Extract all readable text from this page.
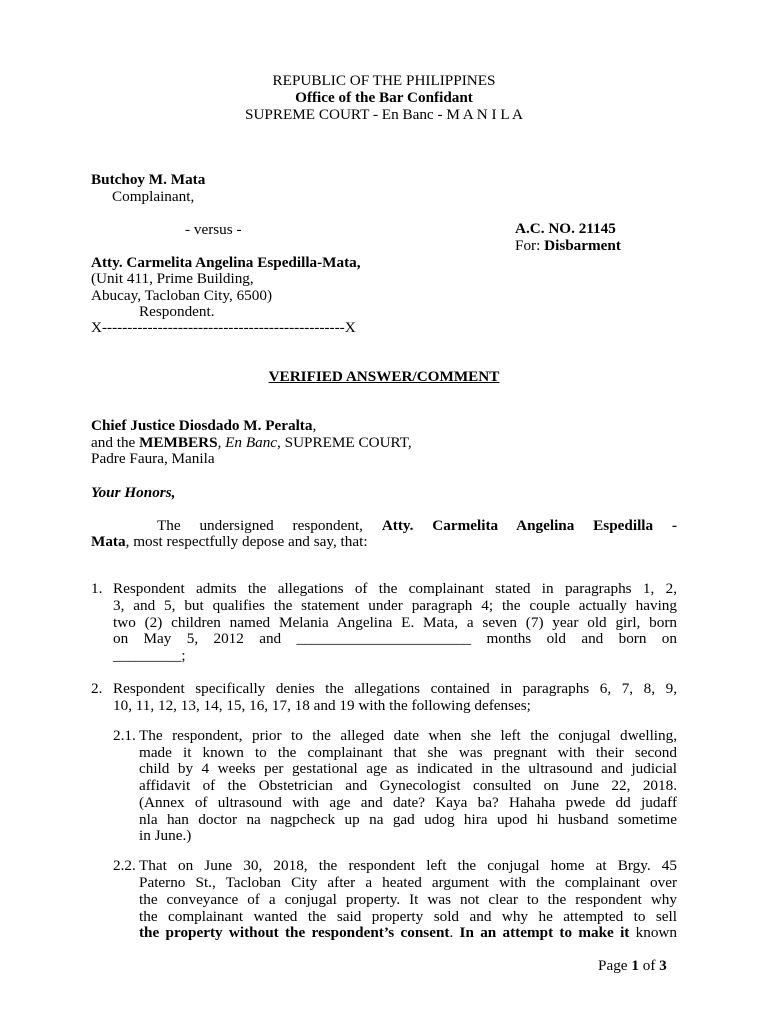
REPUBLIC OF THE PHILIPPINES
Office of the Bar Confidant
SUPREME COURT - En Banc - M A N I L A
Butchoy M. Mata
Complainant,
- versus -	A.C. NO. 21145
For: Disbarment
Atty. Carmelita Angelina Espedilla-Mata,
(Unit 411, Prime Building,
Abucay, Tacloban City, 6500)
Respondent.
X------------------------------------------------X
VERIFIED ANSWER/COMMENT
Chief Justice Diosdado M. Peralta,
and the MEMBERS, En Banc, SUPREME COURT,
Padre Faura, Manila
Your Honors,
The undersigned respondent, Atty. Carmelita Angelina Espedilla -
Mata, most respectfully depose and say, that:
1. Respondent admits the allegations of the complainant stated in paragraphs 1, 2,
3, and 5, but qualifies the statement under paragraph 4; the couple actually having
two (2) children named Melania Angelina E. Mata, a seven (7) year old girl, born
on May 5, 2012 and _______________________ months old and born on
_________;
2. Respondent specifically denies the allegations contained in paragraphs 6, 7, 8, 9,
10, 11, 12, 13, 14, 15, 16, 17, 18 and 19 with the following defenses;
2.1. The respondent, prior to the alleged date when she left the conjugal dwelling,
made it known to the complainant that she was pregnant with their second
child by 4 weeks per gestational age as indicated in the ultrasound and judicial
affidavit of the Obstetrician and Gynecologist consulted on June 22, 2018.
(Annex of ultrasound with age and date? Kaya ba? Hahaha pwede dd judaff
nla han doctor na nagpcheck up na gad udog hira upod hi husband sometime
in June.)
2.2. That on June 30, 2018, the respondent left the conjugal home at Brgy. 45
Paterno St., Tacloban City after a heated argument with the complainant over
the conveyance of a conjugal property. It was not clear to the respondent why
the complainant wanted the said property sold and why he attempted to sell
the property without the respondent’s consent. In an attempt to make it known
Page 1 of 3
